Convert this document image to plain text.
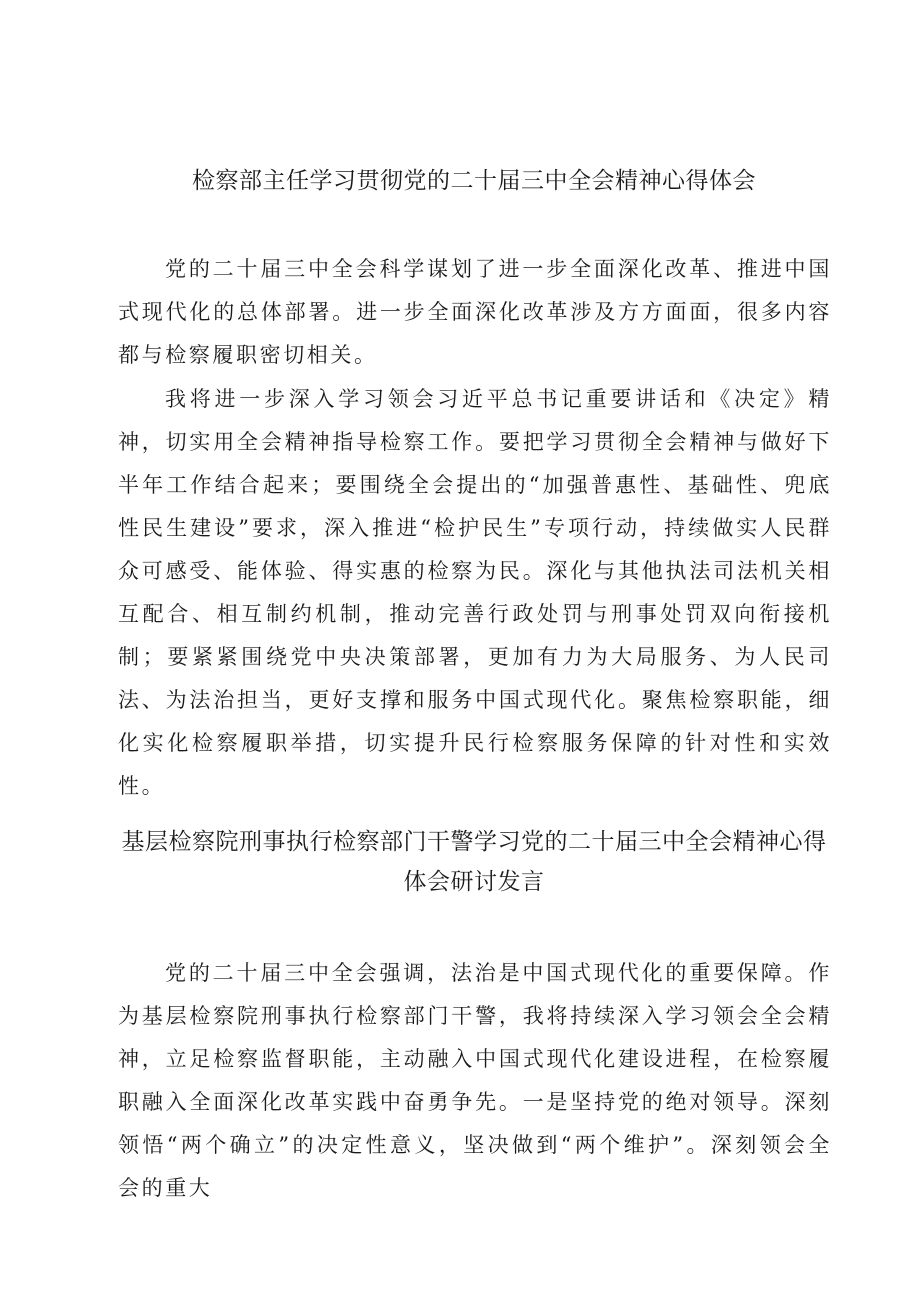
检察部主任学习贯彻党的二十届三中全会精神心得体会

党的二十届三中全会科学谋划了进一步全面深化改革、推进中国式现代化的总体部署。进一步全面深化改革涉及方方面面，很多内容都与检察履职密切相关。

我将进一步深入学习领会习近平总书记重要讲话和《决定》精神，切实用全会精神指导检察工作。要把学习贯彻全会精神与做好下半年工作结合起来；要围绕全会提出的“加强普惠性、基础性、兜底性民生建设”要求，深入推进“检护民生”专项行动，持续做实人民群众可感受、能体验、得实惠的检察为民。深化与其他执法司法机关相互配合、相互制约机制，推动完善行政处罚与刑事处罚双向衔接机制；要紧紧围绕党中央决策部署，更加有力为大局服务、为人民司法、为法治担当，更好支撑和服务中国式现代化。聚焦检察职能，细化实化检察履职举措，切实提升民行检察服务保障的针对性和实效性。

基层检察院刑事执行检察部门干警学习党的二十届三中全会精神心得体会研讨发言

党的二十届三中全会强调，法治是中国式现代化的重要保障。作为基层检察院刑事执行检察部门干警，我将持续深入学习领会全会精神，立足检察监督职能，主动融入中国式现代化建设进程，在检察履职融入全面深化改革实践中奋勇争先。一是坚持党的绝对领导。深刻领悟“两个确立”的决定性意义，坚决做到“两个维护”。深刻领会全会的重大
